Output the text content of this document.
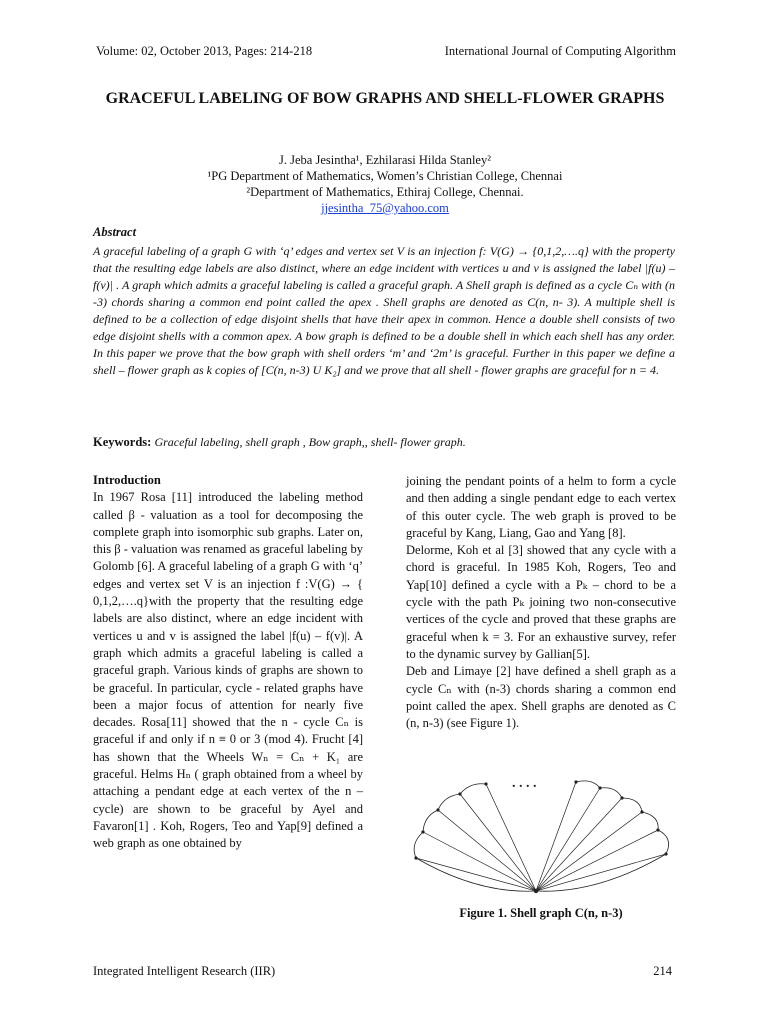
Volume: 02, October 2013, Pages: 214-218	International Journal of Computing Algorithm
GRACEFUL LABELING OF BOW GRAPHS AND SHELL-FLOWER GRAPHS
J. Jeba Jesintha¹, Ezhilarasi Hilda Stanley²
¹PG Department of Mathematics, Women’s Christian College, Chennai
²Department of Mathematics, Ethiraj College, Chennai.
jjesintha_75@yahoo.com
Abstract

A graceful labeling of a graph G with ‘q’ edges and vertex set V is an injection f: V(G) → {0,1,2,….q} with the property that the resulting edge labels are also distinct, where an edge incident with vertices u and v is assigned the label |f(u) – f(v)| . A graph which admits a graceful labeling is called a graceful graph. A Shell graph is defined as a cycle Cₙ with (n -3) chords sharing a common end point called the apex . Shell graphs are denoted as C(n, n- 3). A multiple shell is defined to be a collection of edge disjoint shells that have their apex in common. Hence a double shell consists of two edge disjoint shells with a common apex. A bow graph is defined to be a double shell in which each shell has any order. In this paper we prove that the bow graph with shell orders ‘m’ and ‘2m’ is graceful. Further in this paper we define a shell – flower graph as k copies of [C(n, n-3) U K₂] and we prove that all shell - flower graphs are graceful for n = 4.

Keywords: Graceful labeling, shell graph , Bow graph,, shell- flower graph.

Introduction

In 1967 Rosa [11] introduced the labeling method called β - valuation as a tool for decomposing the complete graph into isomorphic sub graphs. Later on, this β - valuation was renamed as graceful labeling by Golomb [6]. A graceful labeling of a graph G with ‘q’ edges and vertex set V is an injection f :V(G) → { 0,1,2,….q}with the property that the resulting edge labels are also distinct, where an edge incident with vertices u and v is assigned the label |f(u) – f(v)|. A graph which admits a graceful labeling is called a graceful graph. Various kinds of graphs are shown to be graceful. In particular, cycle - related graphs have been a major focus of attention for nearly five decades. Rosa[11] showed that the n - cycle Cₙ is graceful if and only if n ≡ 0 or 3 (mod 4). Frucht [4] has shown that the Wheels Wₙ = Cₙ + K₁ are graceful. Helms Hₙ ( graph obtained from a wheel by attaching a pendant edge at each vertex of the n – cycle) are shown to be graceful by Ayel and Favaron[1] . Koh, Rogers, Teo and Yap[9] defined a web graph as one obtained by

joining the pendant points of a helm to form a cycle and then adding a single pendant edge to each vertex of this outer cycle. The web graph is proved to be graceful by Kang, Liang, Gao and Yang [8].

Delorme, Koh et al [3] showed that any cycle with a chord is graceful. In 1985 Koh, Rogers, Teo and Yap[10] defined a cycle with a Pₖ – chord to be a cycle with the path Pₖ joining two non-consecutive vertices of the cycle and proved that these graphs are graceful when k = 3. For an exhaustive survey, refer to the dynamic survey by Gallian[5].

Deb and Limaye [2] have defined a shell graph as a cycle Cₙ with (n-3) chords sharing a common end point called the apex. Shell graphs are denoted as C (n, n-3) (see Figure 1).

. . . .
Figure 1. Shell graph C(n, n-3)
Integrated Intelligent Research (IIR)	214
